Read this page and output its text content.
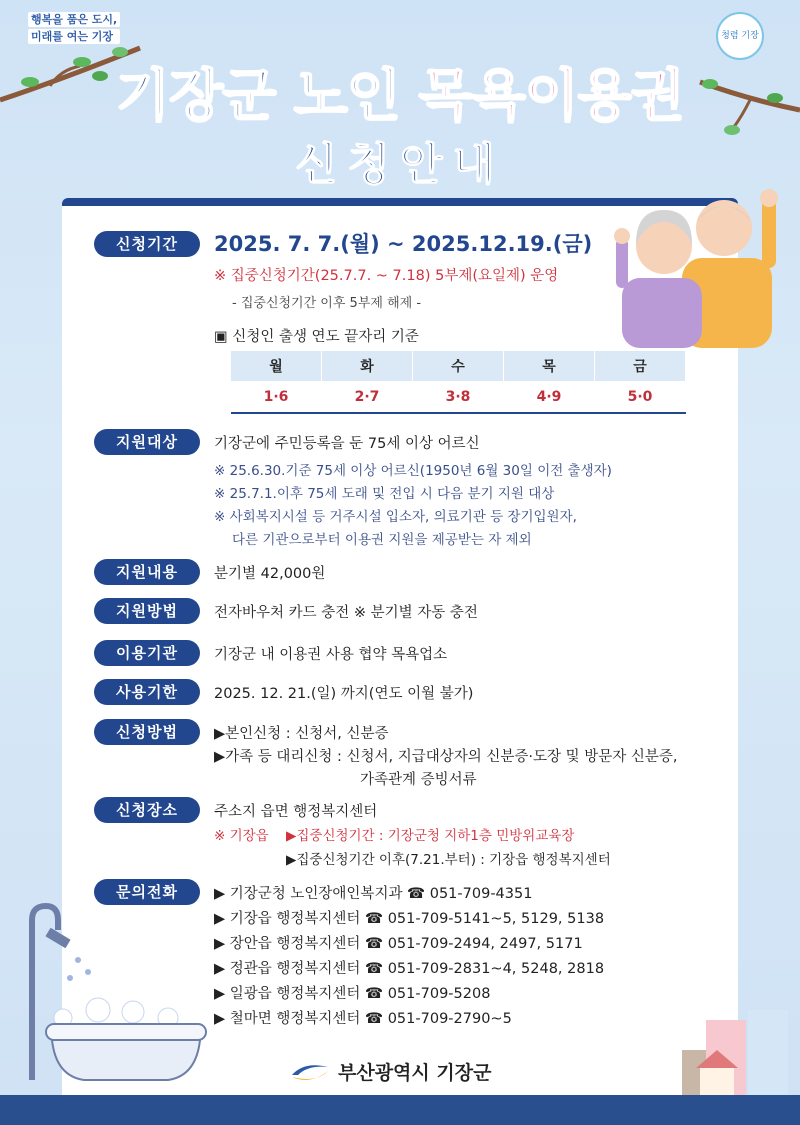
행복을 품은 도시,
미래를 여는 기장	청렴 기장
기장군 노인 목욕이용권
신청안내
신청기간	2025. 7. 7.(월) ~ 2025.12.19.(금)
※ 집중신청기간(25.7.7. ~ 7.18) 5부제(요일제) 운영
- 집중신청기간 이후 5부제 해제 -
▣ 신청인 출생 연도 끝자리 기준
월	화	수	목	금
1·6	2·7	3·8	4·9	5·0
지원대상	기장군에 주민등록을 둔 75세 이상 어르신
※ 25.6.30.기준 75세 이상 어르신(1950년 6월 30일 이전 출생자)
※ 25.7.1.이후 75세 도래 및 전입 시 다음 분기 지원 대상
※ 사회복지시설 등 거주시설 입소자, 의료기관 등 장기입원자,
다른 기관으로부터 이용권 지원을 제공받는 자 제외
지원내용	분기별 42,000원
지원방법	전자바우처 카드 충전 ※ 분기별 자동 충전
이용기관	기장군 내 이용권 사용 협약 목욕업소
사용기한	2025. 12. 21.(일) 까지(연도 이월 불가)
신청방법	▶본인신청 : 신청서, 신분증
▶가족 등 대리신청 : 신청서, 지급대상자의 신분증·도장 및 방문자 신분증,
가족관계 증빙서류
신청장소	주소지 읍면 행정복지센터
※ 기장읍 ▶집중신청기간 : 기장군청 지하1층 민방위교육장
▶집중신청기간 이후(7.21.부터) : 기장읍 행정복지센터
문의전화	▶ 기장군청 노인장애인복지과 ☎ 051-709-4351
▶ 기장읍 행정복지센터 ☎ 051-709-5141~5, 5129, 5138
▶ 장안읍 행정복지센터 ☎ 051-709-2494, 2497, 5171
▶ 정관읍 행정복지센터 ☎ 051-709-2831~4, 5248, 2818
▶ 일광읍 행정복지센터 ☎ 051-709-5208
▶ 철마면 행정복지센터 ☎ 051-709-2790~5
부산광역시 기장군
